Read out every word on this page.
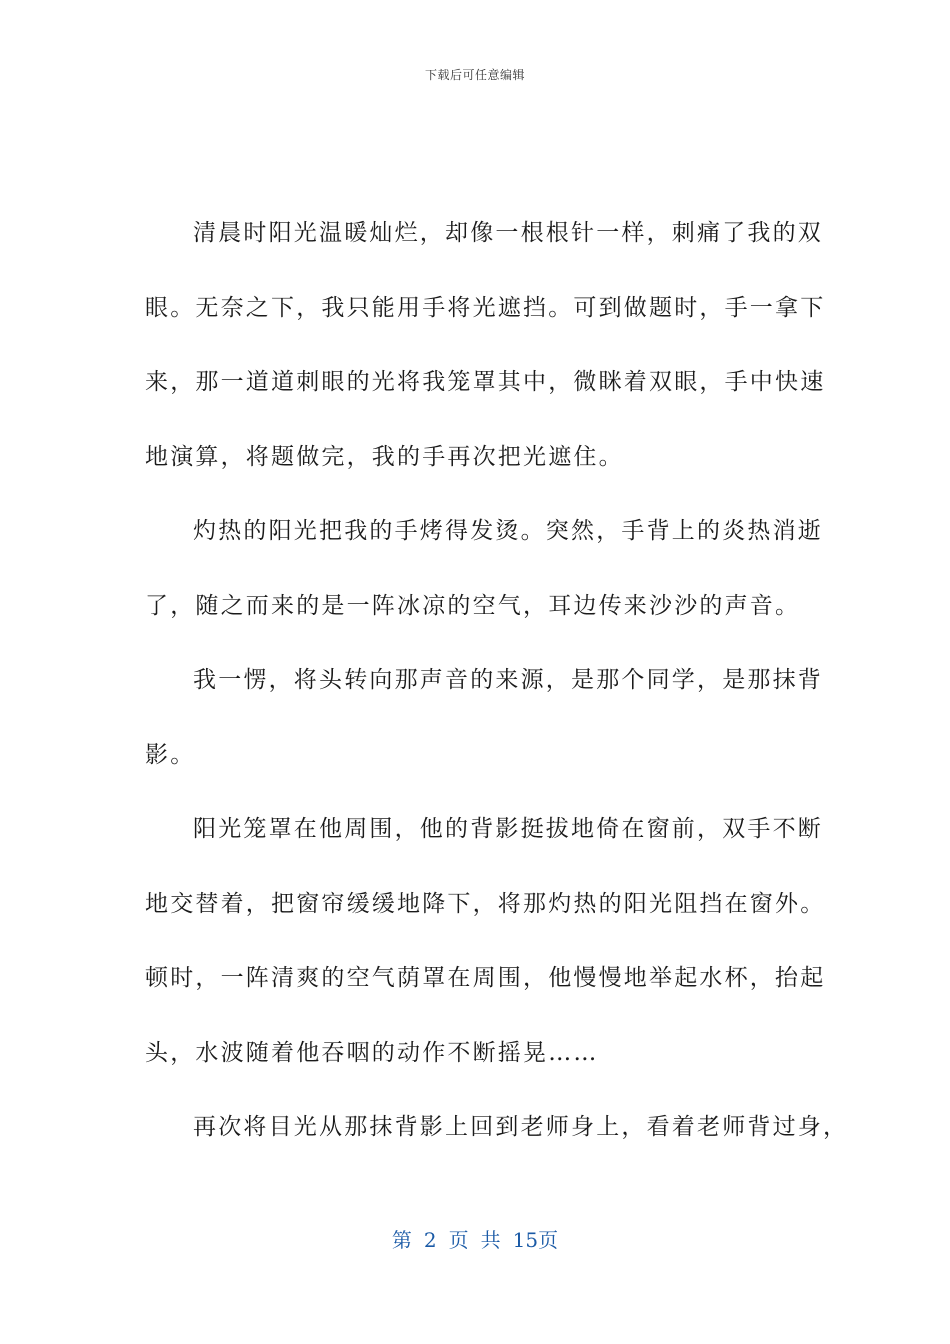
下载后可任意编辑
清晨时阳光温暖灿烂，却像一根根针一样，刺痛了我的双
眼。无奈之下，我只能用手将光遮挡。可到做题时，手一拿下
来，那一道道刺眼的光将我笼罩其中，微眯着双眼，手中快速
地演算，将题做完，我的手再次把光遮住。
灼热的阳光把我的手烤得发烫。突然，手背上的炎热消逝
了，随之而来的是一阵冰凉的空气，耳边传来沙沙的声音。
我一愣，将头转向那声音的来源，是那个同学，是那抹背
影。
阳光笼罩在他周围，他的背影挺拔地倚在窗前，双手不断
地交替着，把窗帘缓缓地降下，将那灼热的阳光阻挡在窗外。
顿时，一阵清爽的空气荫罩在周围，他慢慢地举起水杯，抬起
头，水波随着他吞咽的动作不断摇晃……
再次将目光从那抹背影上回到老师身上，看着老师背过身，
第 2 页 共 15页
